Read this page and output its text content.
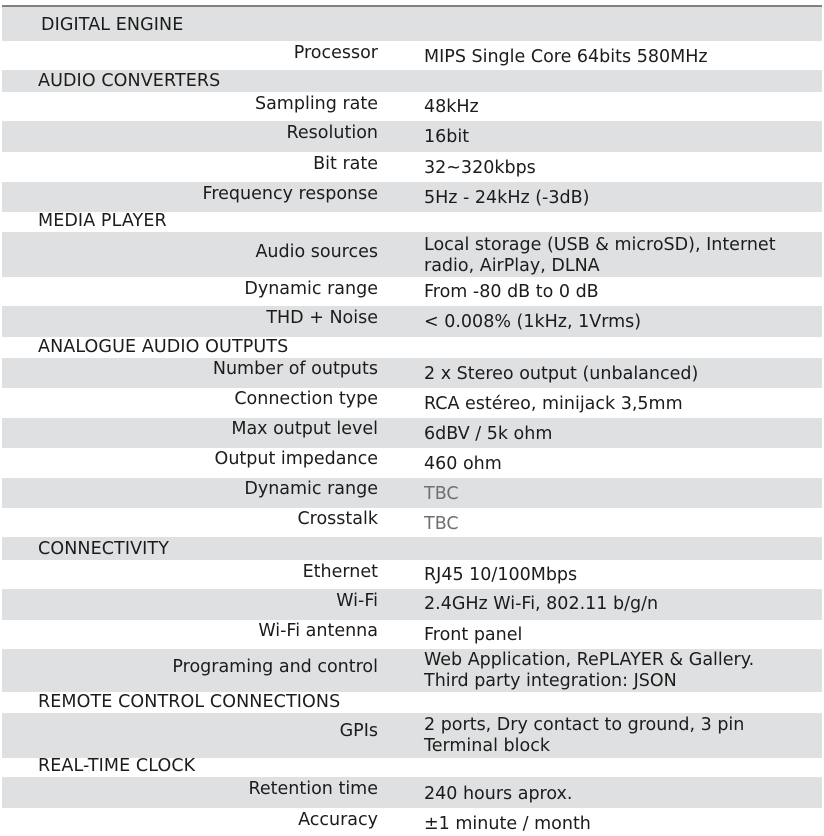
DIGITAL ENGINE
Processor	MIPS Single Core 64bits 580MHz
AUDIO CONVERTERS
Sampling rate	48kHz
Resolution	16bit
Bit rate	32~320kbps
Frequency response	5Hz - 24kHz (-3dB)
MEDIA PLAYER
Audio sources	Local storage (USB & microSD), Internet
radio, AirPlay, DLNA
Dynamic range	From -80 dB to 0 dB
THD + Noise	< 0.008% (1kHz, 1Vrms)
ANALOGUE AUDIO OUTPUTS
Number of outputs	2 x Stereo output (unbalanced)
Connection type	RCA estéreo, minijack 3,5mm
Max output level	6dBV / 5k ohm
Output impedance	460 ohm
Dynamic range	TBC
Crosstalk	TBC
CONNECTIVITY
Ethernet	RJ45 10/100Mbps
Wi-Fi	2.4GHz Wi-Fi, 802.11 b/g/n
Wi-Fi antenna	Front panel
Programing and control	Web Application, RePLAYER & Gallery.
Third party integration: JSON
REMOTE CONTROL CONNECTIONS
GPIs	2 ports, Dry contact to ground, 3 pin
Terminal block
REAL-TIME CLOCK
Retention time	240 hours aprox.
Accuracy	±1 minute / month
